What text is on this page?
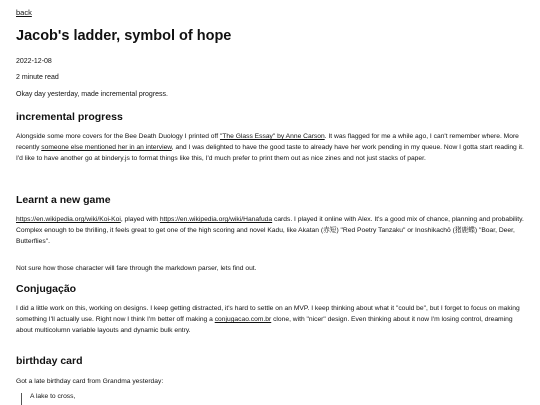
back
Jacob's ladder, symbol of hope

2022-12-08

2 minute read

Okay day yesterday, made incremental progress.

incremental progress

Alongside some more covers for the Bee Death Duology I printed off "The Glass Essay" by Anne Carson. It was flagged for me a while ago, I can't remember where. More recently someone else mentioned her in an interview, and I was delighted to have the good taste to already have her work pending in my queue. Now I gotta start reading it. I'd like to have another go at bindery.js to format things like this, I'd much prefer to print them out as nice zines and not just stacks of paper.

Learnt a new game

https://en.wikipedia.org/wiki/Koi-Koi, played with https://en.wikipedia.org/wiki/Hanafuda cards. I played it online with Alex. It's a good mix of chance, planning and probability. Complex enough to be thrilling, it feels great to get one of the high scoring and novel Kadu, like Akatan (赤短) "Red Poetry Tanzaku" or Inoshikachō (猪鹿蝶) "Boar, Deer, Butterflies".

Not sure how those character will fare through the markdown parser, lets find out.

Conjugação

I did a little work on this, working on designs. I keep getting distracted, it's hard to settle on an MVP. I keep thinking about what it "could be", but I forget to focus on making something I'll actually use. Right now I think I'm better off making a conjugacao.com.br clone, with "nicer" design. Even thinking about it now I'm losing control, dreaming about multicolumn variable layouts and dynamic bulk entry.

birthday card

Got a late birthday card from Grandma yesterday:

A lake to cross,
